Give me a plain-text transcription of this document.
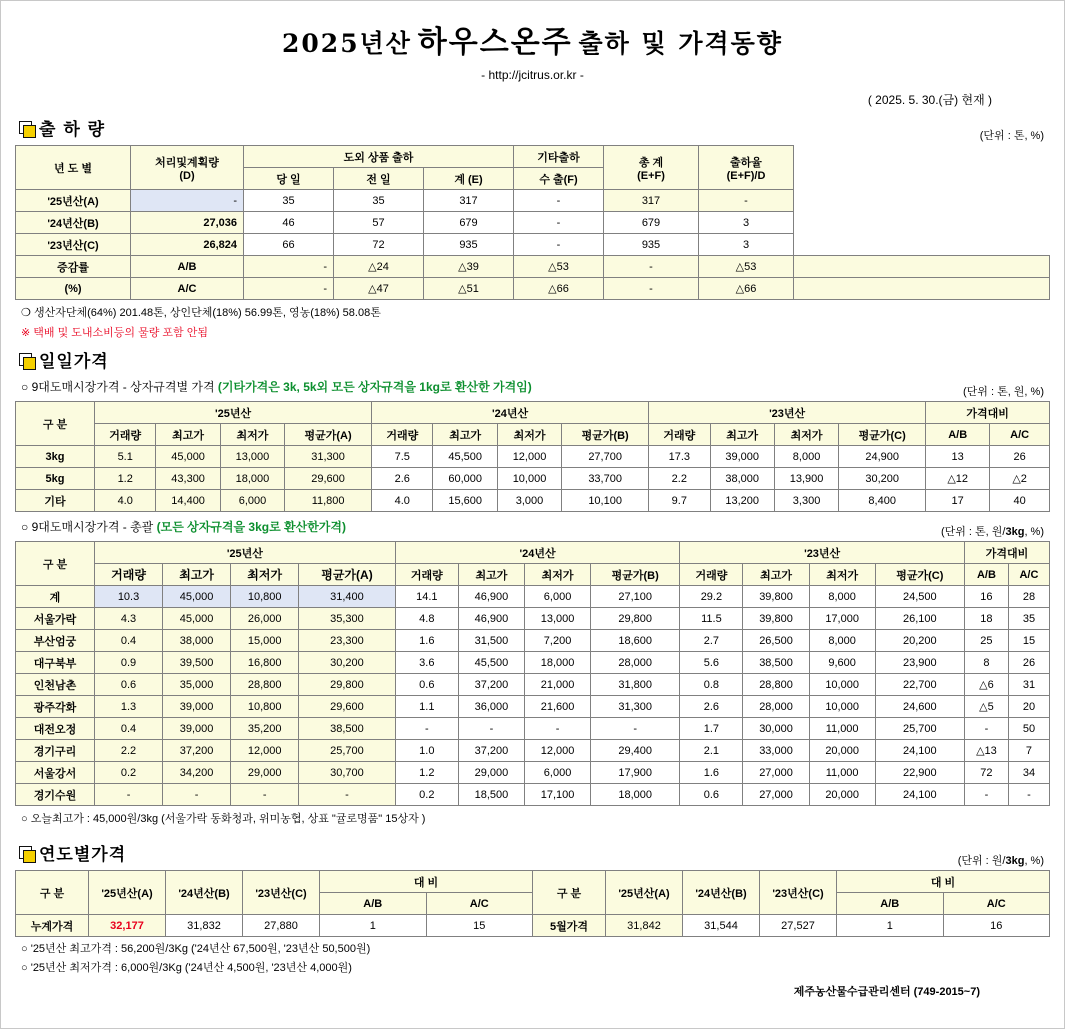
2025년산 하우스온주 출하 및 가격동향
- http://jcitrus.or.kr -
( 2025. 5. 30.(금) 현재 )
출 하 량	(단위 : 톤, %)
년 도 별	처리및계획량
(D)	도외 상품 출하			기타출하	총 계
(E+F)	출하율
(E+F)/D	
		당 일	전 일	계 (E)	수 출(F)			
'25년산(A)	-	35	35	317	-	317	-	
'24년산(B)	27,036	46	57	679	-	679	3	
'23년산(C)	26,824	66	72	935	-	935	3	
증감률	A/B	-	△24	△39	△53	-	△53	
(%)	A/C	-	△47	△51	△66	-	△66	
❍ 생산자단체(64%) 201.48톤, 상인단체(18%) 56.99톤, 영농(18%) 58.08톤
※ 택배 및 도내소비등의 물량 포함 안됨
일일가격
○ 9대도매시장가격 - 상자규격별 가격 (기타가격은 3k, 5k외 모든 상자규격을 1kg로 환산한 가격임)	(단위 : 톤, 원, %)
구 분	'25년산				'24년산				'23년산				가격대비	
	거래량	최고가	최저가	평균가(A)	거래량	최고가	최저가	평균가(B)	거래량	최고가	최저가	평균가(C)	A/B	A/C
3kg	5.1	45,000	13,000	31,300	7.5	45,500	12,000	27,700	17.3	39,000	8,000	24,900	13	26
5kg	1.2	43,300	18,000	29,600	2.6	60,000	10,000	33,700	2.2	38,000	13,900	30,200	△12	△2
기타	4.0	14,400	6,000	11,800	4.0	15,600	3,000	10,100	9.7	13,200	3,300	8,400	17	40
○ 9대도매시장가격 - 총괄 (모든 상자규격을 3kg로 환산한가격)	(단위 : 톤, 원/3kg, %)
구 분	'25년산				'24년산				'23년산				가격대비	
	거래량	최고가	최저가	평균가(A)	거래량	최고가	최저가	평균가(B)	거래량	최고가	최저가	평균가(C)	A/B	A/C
계	10.3	45,000	10,800	31,400	14.1	46,900	6,000	27,100	29.2	39,800	8,000	24,500	16	28
서울가락	4.3	45,000	26,000	35,300	4.8	46,900	13,000	29,800	11.5	39,800	17,000	26,100	18	35
부산엄궁	0.4	38,000	15,000	23,300	1.6	31,500	7,200	18,600	2.7	26,500	8,000	20,200	25	15
대구북부	0.9	39,500	16,800	30,200	3.6	45,500	18,000	28,000	5.6	38,500	9,600	23,900	8	26
인천남촌	0.6	35,000	28,800	29,800	0.6	37,200	21,000	31,800	0.8	28,800	10,000	22,700	△6	31
광주각화	1.3	39,000	10,800	29,600	1.1	36,000	21,600	31,300	2.6	28,000	10,000	24,600	△5	20
대전오정	0.4	39,000	35,200	38,500	-	-	-	-	1.7	30,000	11,000	25,700	-	50
경기구리	2.2	37,200	12,000	25,700	1.0	37,200	12,000	29,400	2.1	33,000	20,000	24,100	△13	7
서울강서	0.2	34,200	29,000	30,700	1.2	29,000	6,000	17,900	1.6	27,000	11,000	22,900	72	34
경기수원	-	-	-	-	0.2	18,500	17,100	18,000	0.6	27,000	20,000	24,100	-	-
○ 오늘최고가 : 45,000원/3kg (서울가락 동화청과, 위미농협, 상표 "귤로명품" 15상자 )
연도별가격	(단위 : 원/3kg, %)
구 분	'25년산(A)	'24년산(B)	'23년산(C)	대 비		구 분	'25년산(A)	'24년산(B)	'23년산(C)	대 비	
				A/B	A/C					A/B	A/C
누계가격	32,177	31,832	27,880	1	15	5월가격	31,842	31,544	27,527	1	16
○ '25년산 최고가격 : 56,200원/3Kg ('24년산 67,500원, '23년산 50,500원)
○ '25년산 최저가격 : 6,000원/3Kg ('24년산 4,500원, '23년산 4,000원)
제주농산물수급관리센터 (749-2015~7)
